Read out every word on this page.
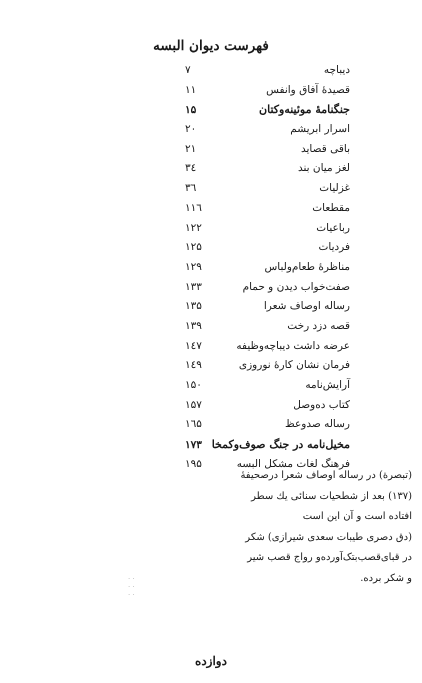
فهرست دیوان البسه
دیباچه
۷
قصیدهٔ آفاق وانفس
۱۱
جنگنامهٔ موئینه‌وکتان
۱۵
اسرار ابریشم
۲۰
باقی قصاید
۲۱
لغز میان بند
۳٤
غزلیات
۳٦
مقطعات
۱۱٦
رباعیات
۱۲۲
فردیات
۱۲۵
مناظرهٔ طعام‌ولباس
۱۲۹
صفت‌خواب دیدن و حمام
۱۳۳
رساله اوصاف شعرا
۱۳۵
قصه دزد رخت
۱۳۹
عرضه داشت دیباچه‌وظیفه
۱٤۷
فرمان نشان کارهٔ نوروزی
۱٤۹
آرایش‌نامه
۱۵۰
کتاب ده‌وصل
۱۵۷
رساله صدوعظ
۱٦۵
مخیل‌نامه در جنگ صوف‌وکمخا
۱۷۳
فرهنگ لغات مشکل البسه
۱۹۵
(تبصرة) در رساله اوصاف شعرا درصحیفهٔ
(۱۳۷) بعد از شطحیات سنائی یك سطر
افتاده است و آن این است
(دق دصری طیبات سعدی شیرازی) شکر
در قبای‌قصب‌بتک‌آورده‌و رواج قصب شیر
و شکر برده.
· ·
· ·
· ·
دوازده
